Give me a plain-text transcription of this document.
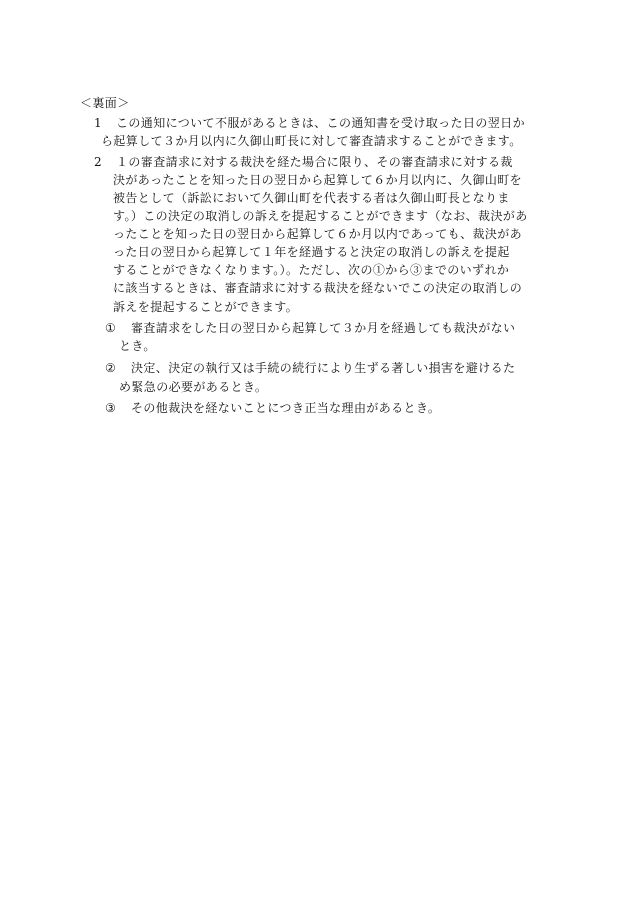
＜裏面＞
1 この通知について不服があるときは、この通知書を受け取った日の翌日か
ら起算して３か月以内に久御山町長に対して審査請求することができます。
2 １の審査請求に対する裁決を経た場合に限り、その審査請求に対する裁
決があったことを知った日の翌日から起算して６か月以内に、久御山町を
被告として（訴訟において久御山町を代表する者は久御山町長となりま
す。）この決定の取消しの訴えを提起することができます（なお、裁決があ
ったことを知った日の翌日から起算して６か月以内であっても、裁決があ
った日の翌日から起算して１年を経過すると決定の取消しの訴えを提起
することができなくなります。）。ただし、次の①から③までのいずれか
に該当するときは、審査請求に対する裁決を経ないでこの決定の取消しの
訴えを提起することができます。
① 審査請求をした日の翌日から起算して３か月を経過しても裁決がない
とき。
② 決定、決定の執行又は手続の続行により生ずる著しい損害を避けるた
め緊急の必要があるとき。
③ その他裁決を経ないことにつき正当な理由があるとき。
